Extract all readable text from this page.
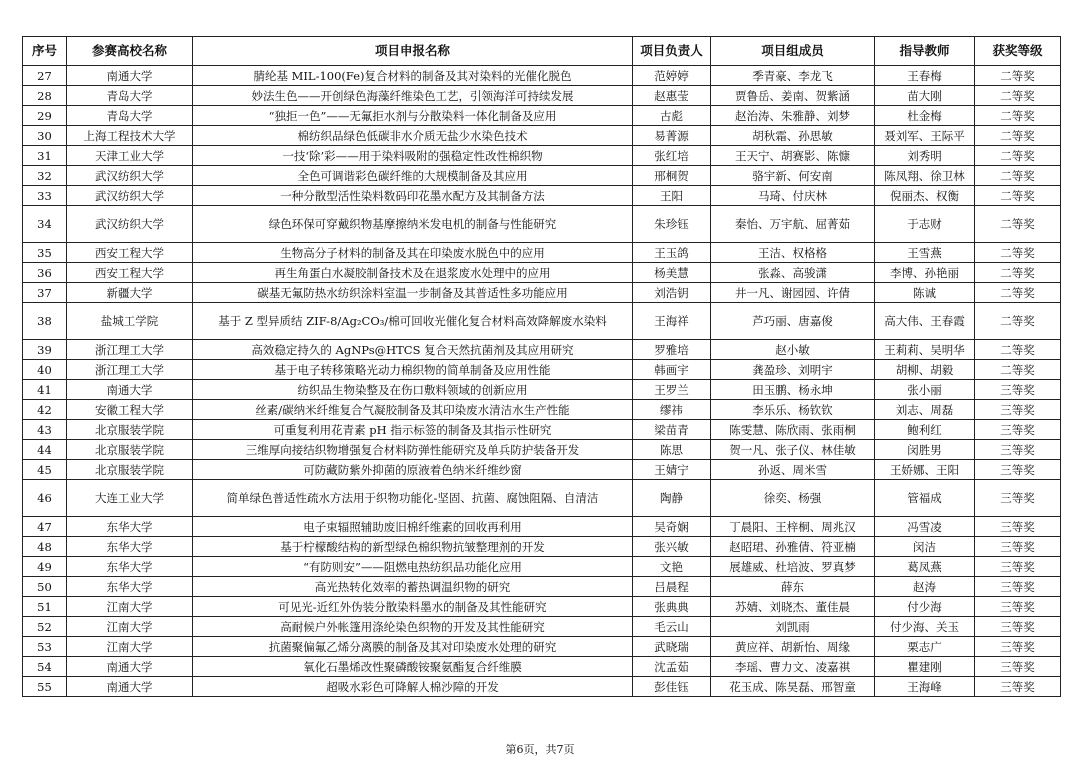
序号	参赛高校名称	项目申报名称	项目负责人	项目组成员	指导教师	获奖等级
27	南通大学	腈纶基 MIL-100(Fe)复合材料的制备及其对染料的光催化脱色	范婷婷	季青豪、李龙飞	王春梅	二等奖
28	青岛大学	妙法生色——开创绿色海藻纤维染色工艺，引领海洋可持续发展	赵惠莹	贾鲁岳、姜南、贺紫涵	苗大刚	二等奖
29	青岛大学	“独拒一色”——无氟拒水剂与分散染料一体化制备及应用	古彪	赵治涛、朱雅静、刘梦	杜金梅	二等奖
30	上海工程技术大学	棉纺织品绿色低碳非水介质无盐少水染色技术	易菁源	胡秋霜、孙思敏	聂刘军、王际平	二等奖
31	天津工业大学	一技‘除’彩——用于染料吸附的强稳定性改性棉织物	张红培	王天宁、胡赛影、陈慷	刘秀明	二等奖
32	武汉纺织大学	全色可调谐彩色碳纤维的大规模制备及其应用	邢桐贺	骆宇新、何安南	陈凤翔、徐卫林	二等奖
33	武汉纺织大学	一种分散型活性染料数码印花墨水配方及其制备方法	王阳	马琦、付庆林	倪丽杰、权衡	二等奖
34	武汉纺织大学	绿色环保可穿戴织物基摩擦纳米发电机的制备与性能研究	朱珍钰	秦怡、万宇航、屈菁茹	于志财	二等奖
35	西安工程大学	生物高分子材料的制备及其在印染废水脱色中的应用	王玉鸽	王洁、权格格	王雪燕	二等奖
36	西安工程大学	再生角蛋白水凝胶制备技术及在退浆废水处理中的应用	杨美慧	张淼、高骏潇	李博、孙艳丽	二等奖
37	新疆大学	碳基无氟防热水纺织涂料室温一步制备及其普适性多功能应用	刘浩钥	井一凡、谢园园、许倩	陈诚	二等奖
38	盐城工学院	基于 Z 型异质结 ZIF-8/Ag₂CO₃/棉可回收光催化复合材料高效降解废水染料	王海祥	芦巧丽、唐嘉俊	高大伟、王春霞	二等奖
39	浙江理工大学	高效稳定持久的 AgNPs@HTCS 复合天然抗菌剂及其应用研究	罗雅培	赵小敏	王莉莉、吴明华	二等奖
40	浙江理工大学	基于电子转移策略光动力棉织物的简单制备及应用性能	韩画宇	龚盈珍、刘明宇	胡柳、胡毅	二等奖
41	南通大学	纺织品生物染整及在伤口敷料领域的创新应用	王罗兰	田玉鹏、杨永坤	张小丽	三等奖
42	安徽工程大学	丝素/碳纳米纤维复合气凝胶制备及其印染废水清洁水生产性能	缪祎	李乐乐、杨钦钦	刘志、周磊	三等奖
43	北京服装学院	可重复利用花青素 pH 指示标签的制备及其指示性研究	梁苗青	陈雯慧、陈欣雨、张雨桐	鲍利红	三等奖
44	北京服装学院	三维厚向接结织物增强复合材料防弹性能研究及单兵防护装备开发	陈思	贺一凡、张子仪、林佳敏	闵胜男	三等奖
45	北京服装学院	可防藏防紫外抑菌的原液着色纳米纤维纱窗	王婧宁	孙返、周米雪	王娇娜、王阳	三等奖
46	大连工业大学	简单绿色普适性疏水方法用于织物功能化-坚固、抗菌、腐蚀阻隔、自清洁	陶静	徐奕、杨强	管福成	三等奖
47	东华大学	电子束辐照辅助废旧棉纤维素的回收再利用	吴奇娴	丁晨阳、王梓桐、周兆汉	冯雪凌	三等奖
48	东华大学	基于柠檬酸结构的新型绿色棉织物抗皱整理剂的开发	张兴敏	赵昭珺、孙雅倩、符亚楠	闵洁	三等奖
49	东华大学	“有防则安”——阻燃电热纺织品功能化应用	文艳	展雄威、杜培波、罗真梦	葛凤燕	三等奖
50	东华大学	高光热转化效率的蓄热调温织物的研究	吕晨程	薛东	赵涛	三等奖
51	江南大学	可见光-近红外伪装分散染料墨水的制备及其性能研究	张典典	苏婧、刘晓杰、董佳晨	付少海	三等奖
52	江南大学	高耐候户外帐篷用涤纶染色织物的开发及其性能研究	毛云山	刘凯雨	付少海、关玉	三等奖
53	江南大学	抗菌聚偏氟乙烯分离膜的制备及其对印染废水处理的研究	武晓瑞	黄应祥、胡新怡、周缘	栗志广	三等奖
54	南通大学	氧化石墨烯改性聚磷酸铵聚氨酯复合纤维膜	沈孟茹	李瑶、曹力文、凌嘉祺	瞿建刚	三等奖
55	南通大学	超吸水彩色可降解人棉沙障的开发	彭佳钰	花玉成、陈昊磊、邢智童	王海峰	三等奖
第6页，共7页
